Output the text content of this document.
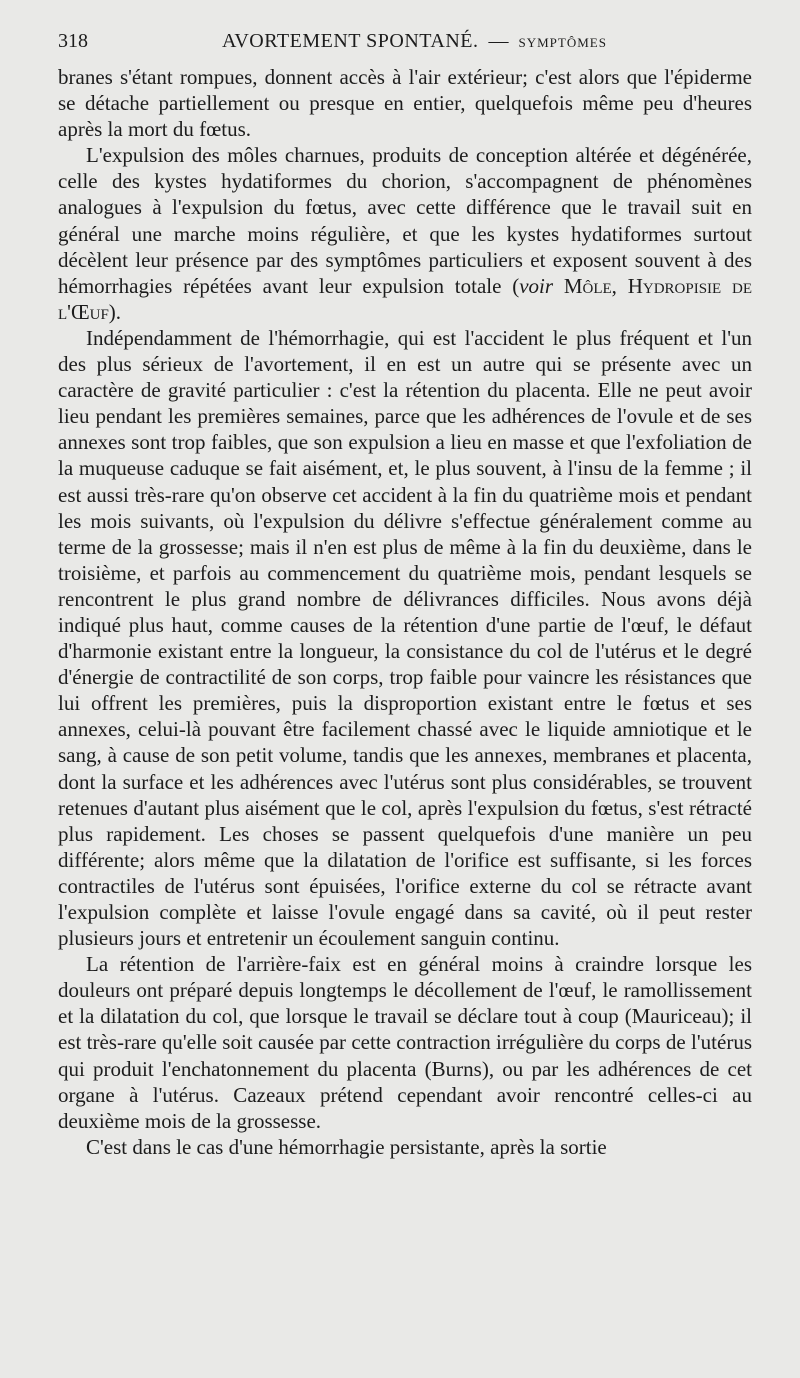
318	AVORTEMENT SPONTANÉ. — SYMPTÔMES

branes s'étant rompues, donnent accès à l'air extérieur; c'est alors que l'épiderme se détache partiellement ou presque en entier, quelquefois même peu d'heures après la mort du fœtus.

L'expulsion des môles charnues, produits de conception altérée et dégénérée, celle des kystes hydatiformes du chorion, s'accompagnent de phénomènes analogues à l'expulsion du fœtus, avec cette différence que le travail suit en général une marche moins régulière, et que les kystes hydatiformes surtout décèlent leur présence par des symptômes particuliers et exposent souvent à des hémorrhagies répétées avant leur expulsion totale (voir Môle, Hydropisie de l'Œuf).

Indépendamment de l'hémorrhagie, qui est l'accident le plus fréquent et l'un des plus sérieux de l'avortement, il en est un autre qui se présente avec un caractère de gravité particulier : c'est la rétention du placenta. Elle ne peut avoir lieu pendant les premières semaines, parce que les adhérences de l'ovule et de ses annexes sont trop faibles, que son expulsion a lieu en masse et que l'exfoliation de la muqueuse caduque se fait aisément, et, le plus souvent, à l'insu de la femme ; il est aussi très-rare qu'on observe cet accident à la fin du quatrième mois et pendant les mois suivants, où l'expulsion du délivre s'effectue généralement comme au terme de la grossesse; mais il n'en est plus de même à la fin du deuxième, dans le troisième, et parfois au commencement du quatrième mois, pendant lesquels se rencontrent le plus grand nombre de délivrances difficiles. Nous avons déjà indiqué plus haut, comme causes de la rétention d'une partie de l'œuf, le défaut d'harmonie existant entre la longueur, la consistance du col de l'utérus et le degré d'énergie de contractilité de son corps, trop faible pour vaincre les résistances que lui offrent les premières, puis la disproportion existant entre le fœtus et ses annexes, celui-là pouvant être facilement chassé avec le liquide amniotique et le sang, à cause de son petit volume, tandis que les annexes, membranes et placenta, dont la surface et les adhérences avec l'utérus sont plus considérables, se trouvent retenues d'autant plus aisément que le col, après l'expulsion du fœtus, s'est rétracté plus rapidement. Les choses se passent quelquefois d'une manière un peu différente; alors même que la dilatation de l'orifice est suffisante, si les forces contractiles de l'utérus sont épuisées, l'orifice externe du col se rétracte avant l'expulsion complète et laisse l'ovule engagé dans sa cavité, où il peut rester plusieurs jours et entretenir un écoulement sanguin continu.

La rétention de l'arrière-faix est en général moins à craindre lorsque les douleurs ont préparé depuis longtemps le décollement de l'œuf, le ramollissement et la dilatation du col, que lorsque le travail se déclare tout à coup (Mauriceau); il est très-rare qu'elle soit causée par cette contraction irrégulière du corps de l'utérus qui produit l'enchatonnement du placenta (Burns), ou par les adhérences de cet organe à l'utérus. Cazeaux prétend cependant avoir rencontré celles-ci au deuxième mois de la grossesse.

C'est dans le cas d'une hémorrhagie persistante, après la sortie
